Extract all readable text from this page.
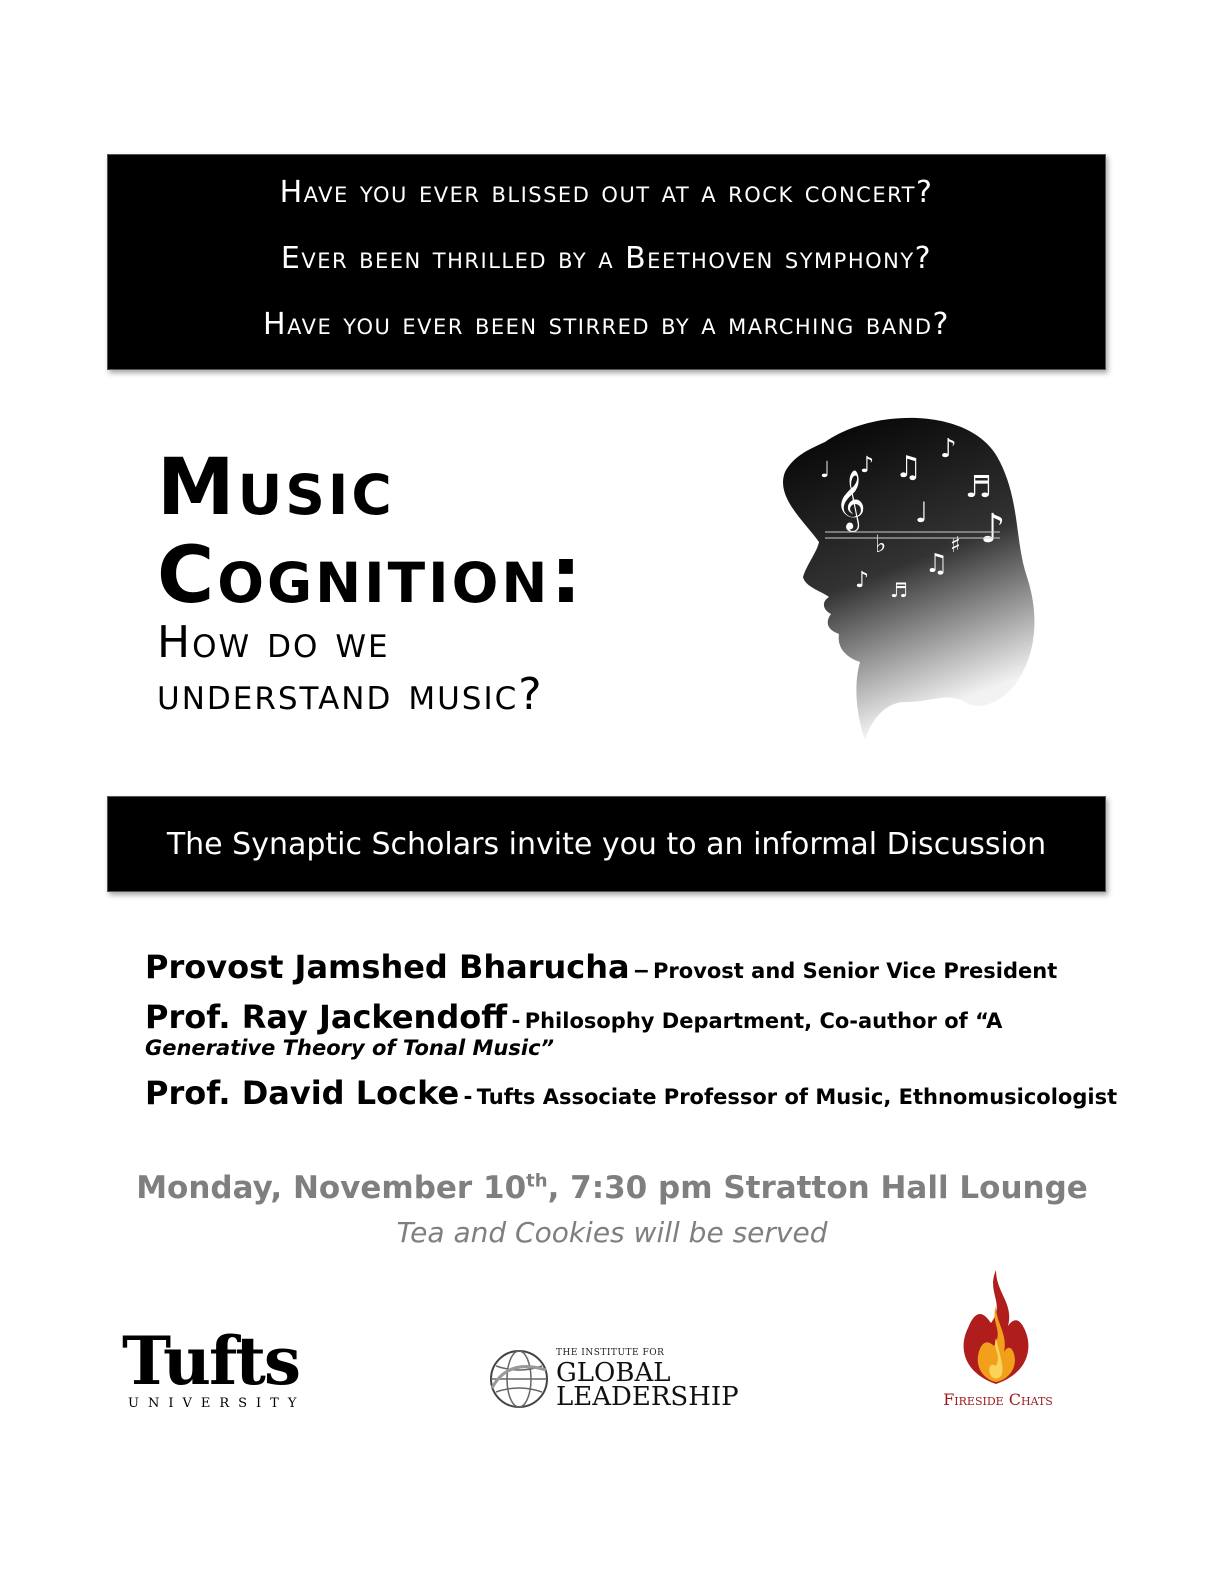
Have you ever blissed out at a rock concert?
Ever been thrilled by a Beethoven symphony?
Have you ever been stirred by a marching band?
Music
Cognition:
How do we
understand music?
𝄞
♫
♪
♬
♪
♩
♭
♫
♪ ♬
♯
♪
♩
The Synaptic Scholars invite you to an informal Discussion
Provost Jamshed Bharucha – Provost and Senior Vice President
Prof. Ray Jackendoff - Philosophy Department, Co-author of “A
Generative Theory of Tonal Music”
Prof. David Locke - Tufts Associate Professor of Music, Ethnomusicologist
Monday, November 10th, 7:30 pm Stratton Hall Lounge
Tea and Cookies will be served
Tufts
UNIVERSITY
THE INSTITUTE FOR
GLOBAL
LEADERSHIP	Fireside Chats
